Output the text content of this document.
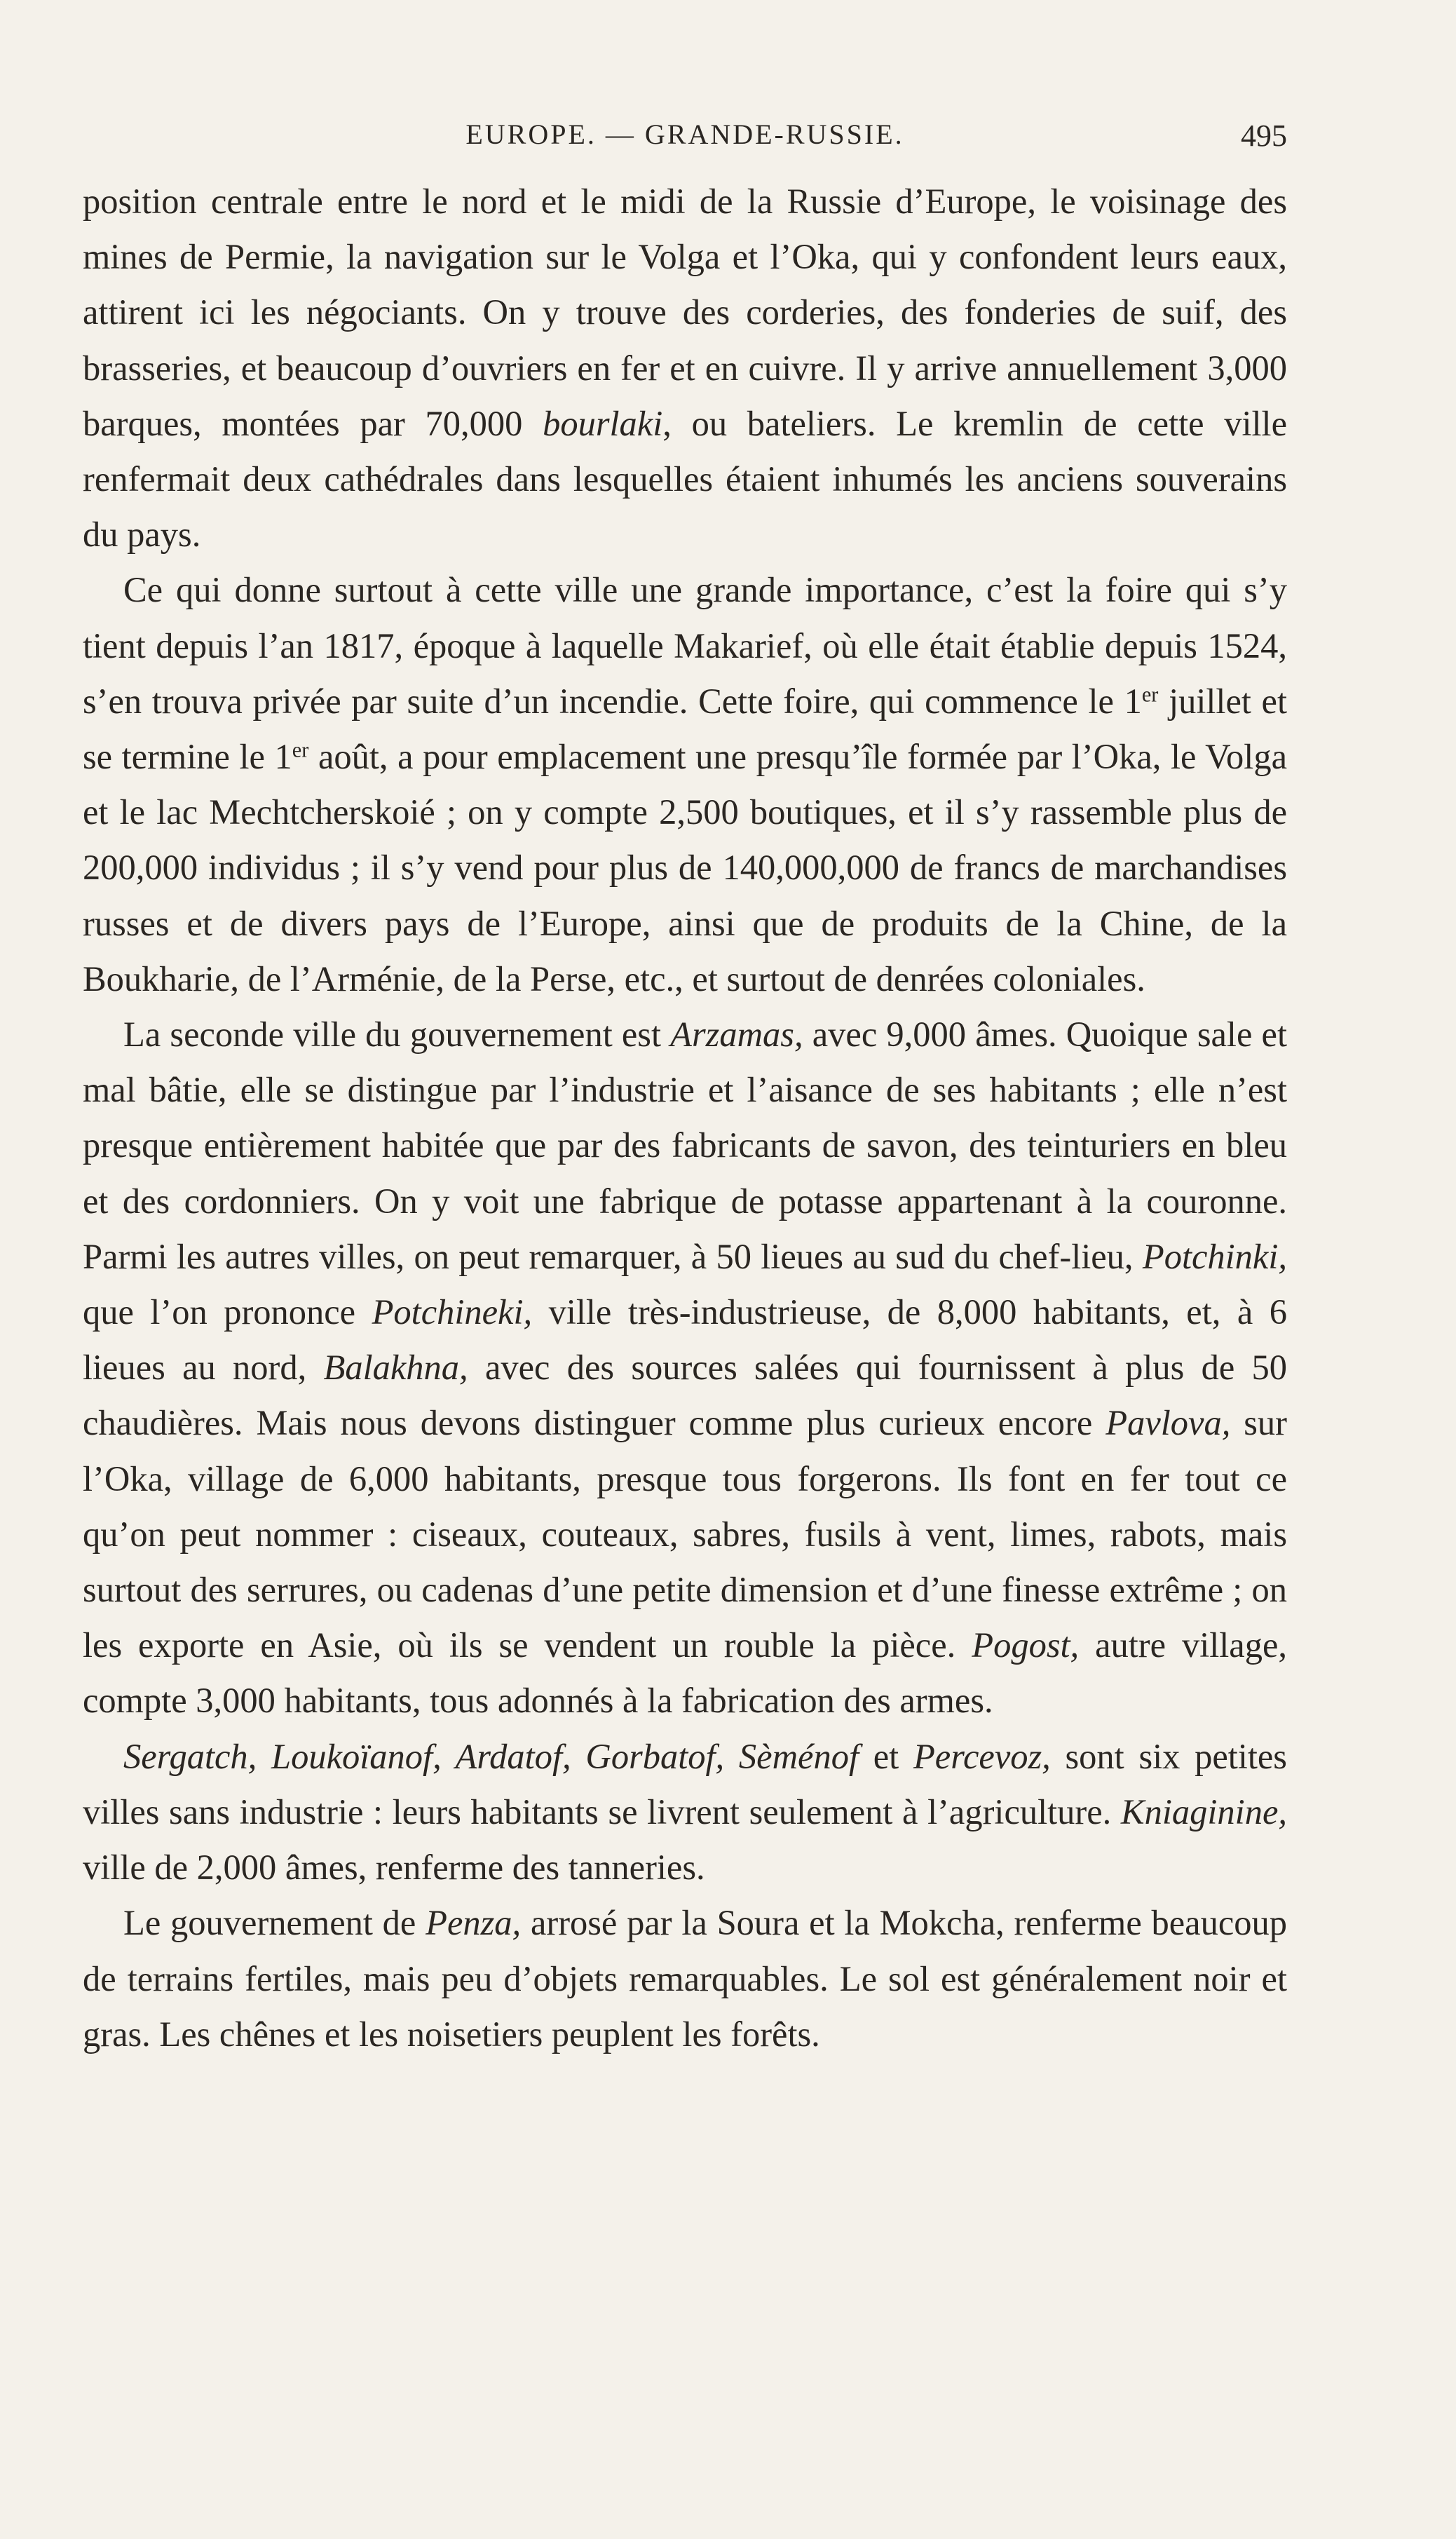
EUROPE. — GRANDE-RUSSIE.	495

position centrale entre le nord et le midi de la Russie d’Europe, le voisinage des mines de Permie, la navigation sur le Volga et l’Oka, qui y confondent leurs eaux, attirent ici les négociants. On y trouve des corderies, des fonderies de suif, des brasseries, et beaucoup d’ouvriers en fer et en cuivre. Il y arrive annuellement 3,000 barques, montées par 70,000 bourlaki, ou bateliers. Le kremlin de cette ville renfermait deux cathédrales dans lesquelles étaient inhumés les anciens souverains du pays.

Ce qui donne surtout à cette ville une grande importance, c’est la foire qui s’y tient depuis l’an 1817, époque à laquelle Makarief, où elle était établie depuis 1524, s’en trouva privée par suite d’un incendie. Cette foire, qui commence le 1er juillet et se termine le 1er août, a pour emplacement une presqu’île formée par l’Oka, le Volga et le lac Mechtcherskoié ; on y compte 2,500 boutiques, et il s’y rassemble plus de 200,000 individus ; il s’y vend pour plus de 140,000,000 de francs de marchandises russes et de divers pays de l’Europe, ainsi que de produits de la Chine, de la Boukharie, de l’Arménie, de la Perse, etc., et surtout de denrées coloniales.

La seconde ville du gouvernement est Arzamas, avec 9,000 âmes. Quoique sale et mal bâtie, elle se distingue par l’industrie et l’aisance de ses habitants ; elle n’est presque entièrement habitée que par des fabricants de savon, des teinturiers en bleu et des cordonniers. On y voit une fabrique de potasse appartenant à la couronne. Parmi les autres villes, on peut remarquer, à 50 lieues au sud du chef-lieu, Potchinki, que l’on prononce Potchineki, ville très-industrieuse, de 8,000 habitants, et, à 6 lieues au nord, Balakhna, avec des sources salées qui fournissent à plus de 50 chaudières. Mais nous devons distinguer comme plus curieux encore Pavlova, sur l’Oka, village de 6,000 habitants, presque tous forgerons. Ils font en fer tout ce qu’on peut nommer : ciseaux, couteaux, sabres, fusils à vent, limes, rabots, mais surtout des serrures, ou cadenas d’une petite dimension et d’une finesse extrême ; on les exporte en Asie, où ils se vendent un rouble la pièce. Pogost, autre village, compte 3,000 habitants, tous adonnés à la fabrication des armes.

Sergatch, Loukoïanof, Ardatof, Gorbatof, Sèménof et Percevoz, sont six petites villes sans industrie : leurs habitants se livrent seulement à l’agriculture. Kniaginine, ville de 2,000 âmes, renferme des tanneries.

Le gouvernement de Penza, arrosé par la Soura et la Mokcha, renferme beaucoup de terrains fertiles, mais peu d’objets remarquables. Le sol est généralement noir et gras. Les chênes et les noisetiers peuplent les forêts.
